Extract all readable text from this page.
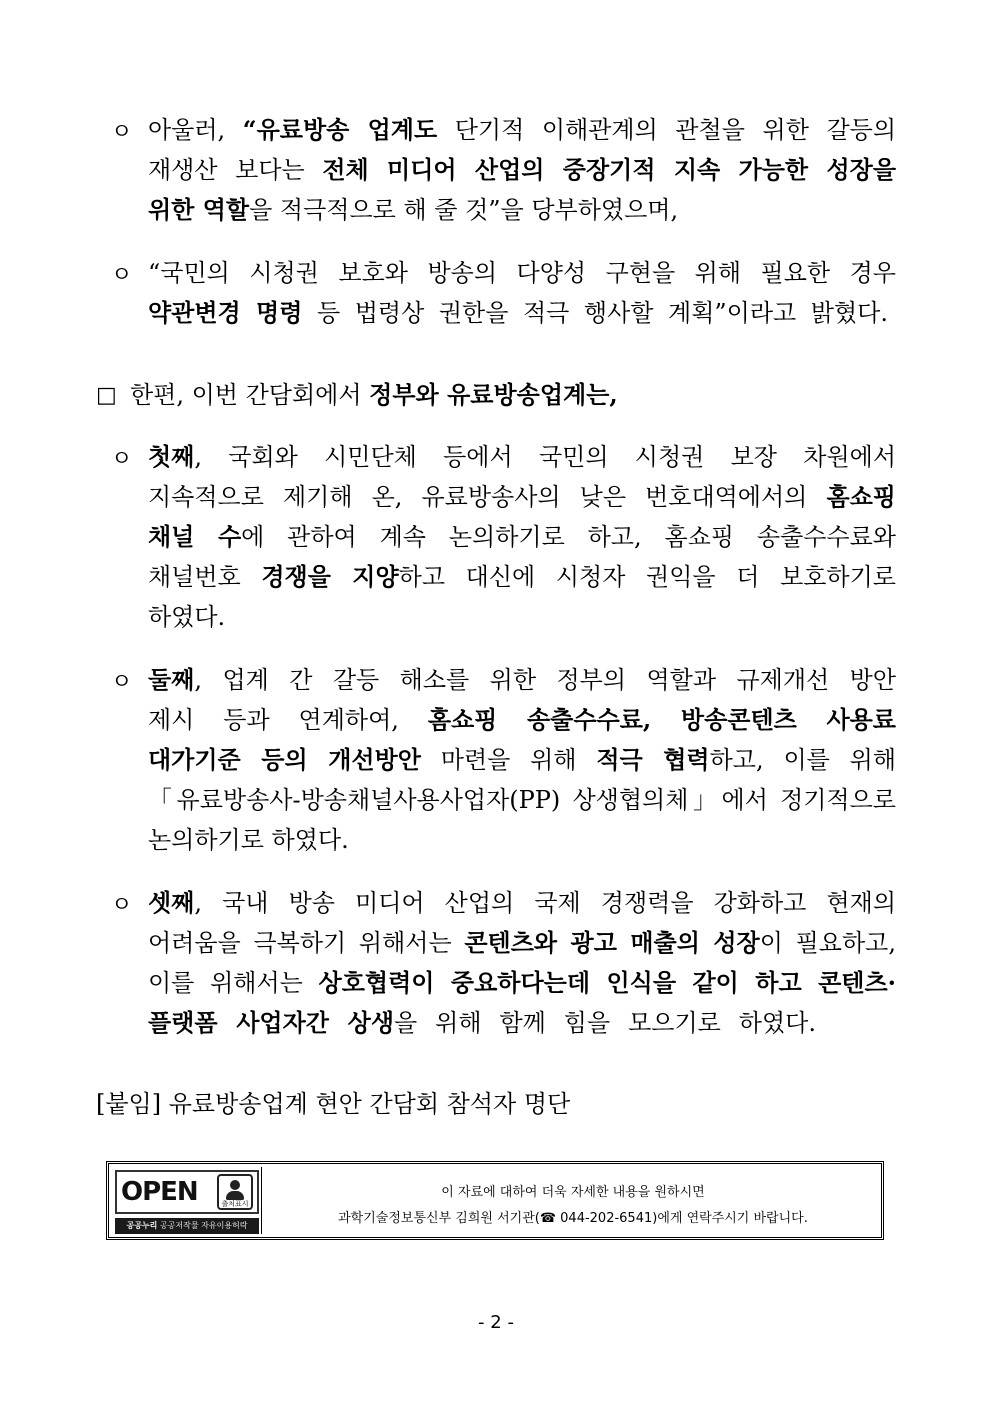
ㅇ 아울러, “유료방송 업계도 단기적 이해관계의 관철을 위한 갈등의
재생산 보다는 전체 미디어 산업의 중장기적 지속 가능한 성장을
위한 역할을 적극적으로 해 줄 것”을 당부하였으며,
ㅇ “국민의 시청권 보호와 방송의 다양성 구현을 위해 필요한 경우
약관변경 명령 등 법령상 권한을 적극 행사할 계획”이라고 밝혔다.
□ 한편, 이번 간담회에서 정부와 유료방송업계는,
ㅇ 첫째, 국회와 시민단체 등에서 국민의 시청권 보장 차원에서
지속적으로 제기해 온, 유료방송사의 낮은 번호대역에서의 홈쇼핑
채널 수에 관하여 계속 논의하기로 하고, 홈쇼핑 송출수수료와
채널번호 경쟁을 지양하고 대신에 시청자 권익을 더 보호하기로
하였다.
ㅇ 둘째, 업계 간 갈등 해소를 위한 정부의 역할과 규제개선 방안
제시 등과 연계하여, 홈쇼핑 송출수수료, 방송콘텐츠 사용료
대가기준 등의 개선방안 마련을 위해 적극 협력하고, 이를 위해
「유료방송사-방송채널사용사업자(PP) 상생협의체」에서 정기적으로
논의하기로 하였다.
ㅇ 셋째, 국내 방송 미디어 산업의 국제 경쟁력을 강화하고 현재의
어려움을 극복하기 위해서는 콘텐츠와 광고 매출의 성장이 필요하고,
이를 위해서는 상호협력이 중요하다는데 인식을 같이 하고 콘텐츠·
플랫폼 사업자간 상생을 위해 함께 힘을 모으기로 하였다.
[붙임] 유료방송업계 현안 간담회 참석자 명단
OPEN	출처표시
공공누리 공공저작물 자유이용허락
이 자료에 대하여 더욱 자세한 내용을 원하시면
과학기술정보통신부 김희원 서기관(☎ 044-202-6541)에게 연락주시기 바랍니다.
- 2 -
